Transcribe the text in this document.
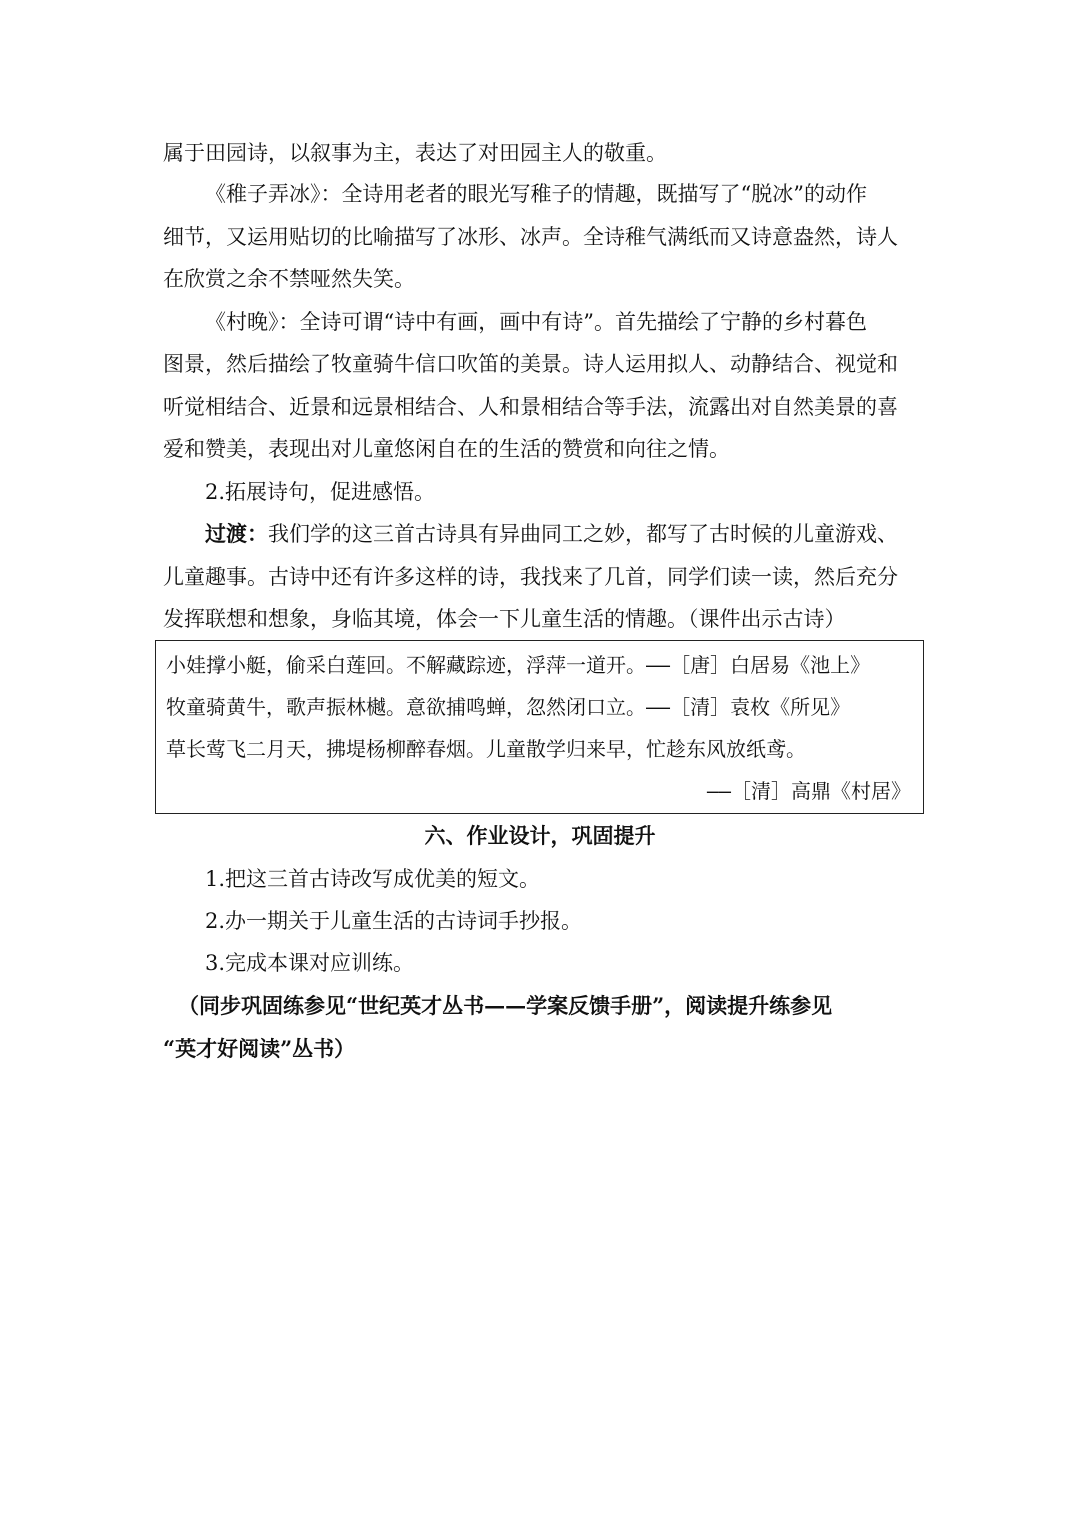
属于田园诗，以叙事为主，表达了对田园主人的敬重。
《稚子弄冰》：全诗用老者的眼光写稚子的情趣，既描写了“脱冰”的动作
细节，又运用贴切的比喻描写了冰形、冰声。全诗稚气满纸而又诗意盎然，诗人
在欣赏之余不禁哑然失笑。
《村晚》：全诗可谓“诗中有画，画中有诗”。首先描绘了宁静的乡村暮色
图景，然后描绘了牧童骑牛信口吹笛的美景。诗人运用拟人、动静结合、视觉和
听觉相结合、近景和远景相结合、人和景相结合等手法，流露出对自然美景的喜
爱和赞美，表现出对儿童悠闲自在的生活的赞赏和向往之情。
2.拓展诗句，促进感悟。
过渡：我们学的这三首古诗具有异曲同工之妙，都写了古时候的儿童游戏、
儿童趣事。古诗中还有许多这样的诗，我找来了几首，同学们读一读，然后充分
发挥联想和想象，身临其境，体会一下儿童生活的情趣。（课件出示古诗）
小娃撑小艇，偷采白莲回。不解藏踪迹，浮萍一道开。——［唐］白居易《池上》
牧童骑黄牛，歌声振林樾。意欲捕鸣蝉，忽然闭口立。——［清］袁枚《所见》
草长莺飞二月天，拂堤杨柳醉春烟。儿童散学归来早，忙趁东风放纸鸢。
——［清］高鼎《村居》
六、作业设计，巩固提升
1.把这三首古诗改写成优美的短文。
2.办一期关于儿童生活的古诗词手抄报。
3.完成本课对应训练。
（同步巩固练参见“世纪英才丛书——学案反馈手册”，阅读提升练参见
“英才好阅读”丛书）
